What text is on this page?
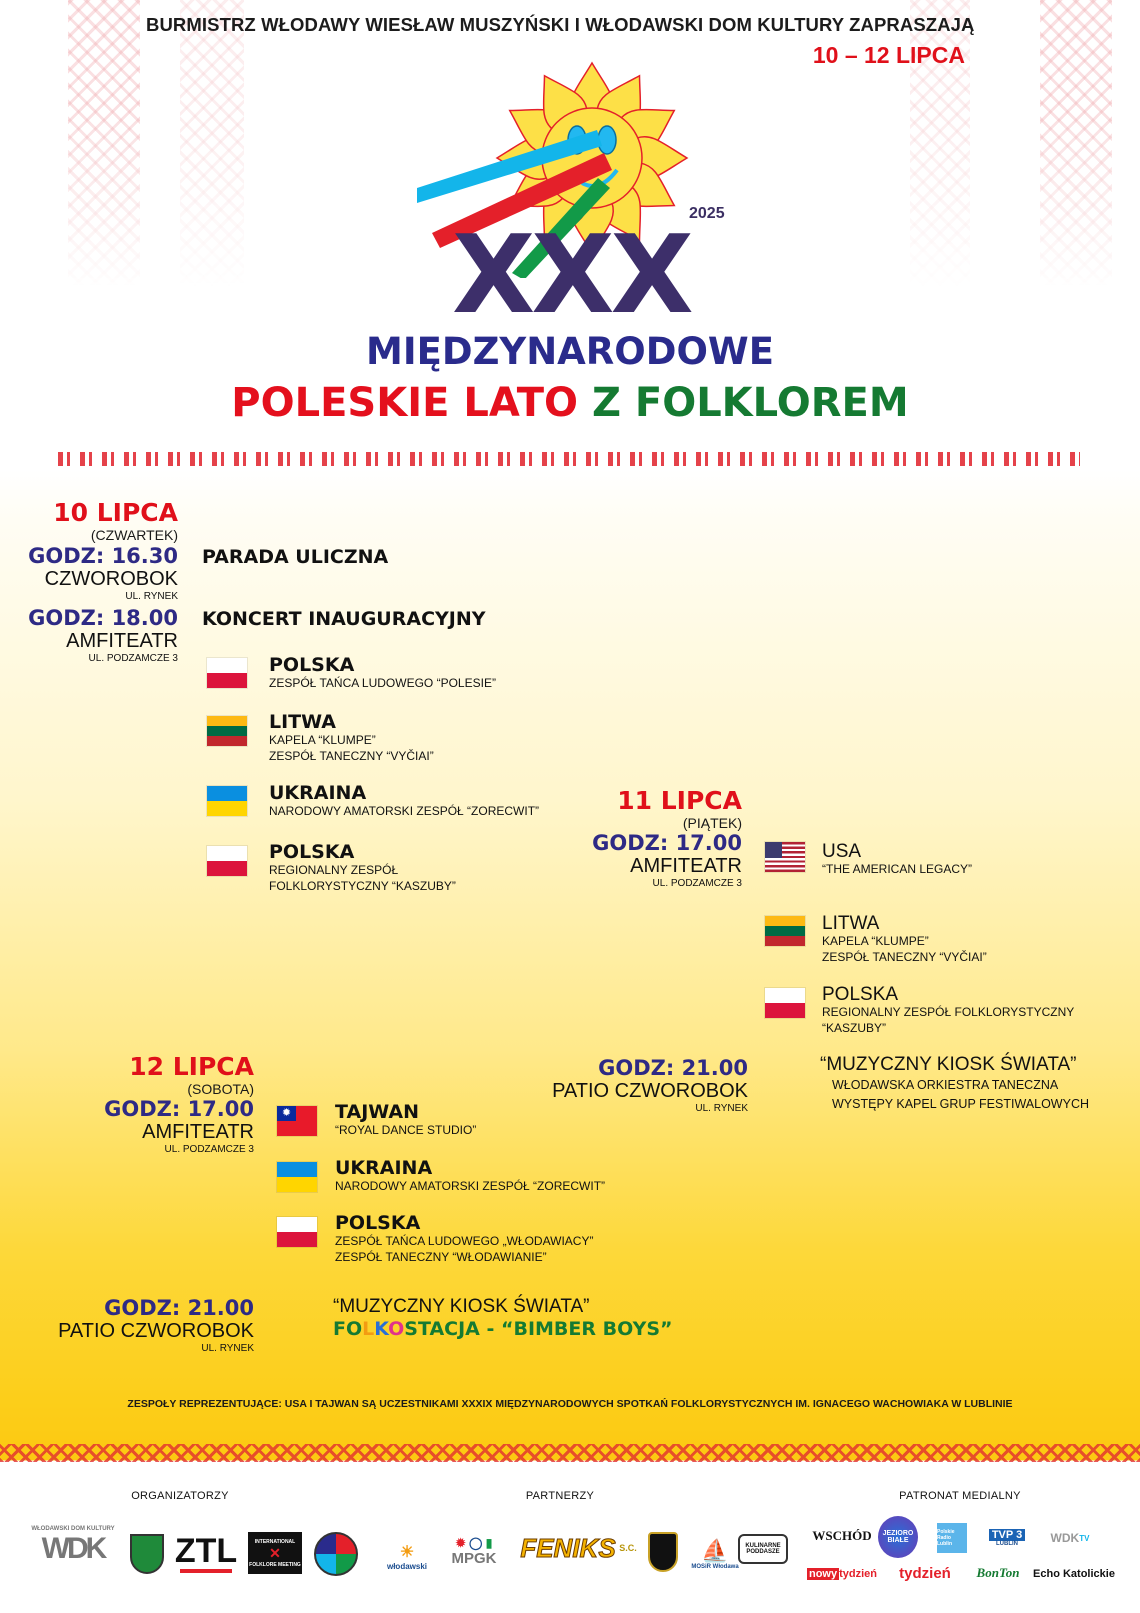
BURMISTRZ WŁODAWY WIESŁAW MUSZYŃSKI I WŁODAWSKI DOM KULTURY ZAPRASZAJĄ
10 – 12 LIPCA
2025
XXX
MIĘDZYNARODOWE
POLESKIE LATO Z FOLKLOREM
10 LIPCA
(CZWARTEK)
GODZ: 16.30
CZWOROBOK
UL. RYNEK
PARADA ULICZNA
GODZ: 18.00
AMFITEATR
UL. PODZAMCZE 3
KONCERT INAUGURACYJNY
POLSKA
ZESPÓŁ TAŃCA LUDOWEGO “POLESIE”
LITWA
KAPELA “KLUMPE”
ZESPÓŁ TANECZNY “VYČIAI”
UKRAINA
NARODOWY AMATORSKI ZESPÓŁ “ZORECWIT”
POLSKA
REGIONALNY ZESPÓŁ
FOLKLORYSTYCZNY “KASZUBY”
11 LIPCA
(PIĄTEK)
GODZ: 17.00
AMFITEATR
UL. PODZAMCZE 3
USA
“THE AMERICAN LEGACY”
LITWA
KAPELA “KLUMPE”
ZESPÓŁ TANECZNY “VYČIAI”
POLSKA
REGIONALNY ZESPÓŁ FOLKLORYSTYCZNY
“KASZUBY”
GODZ: 21.00
PATIO CZWOROBOK
UL. RYNEK
“MUZYCZNY KIOSK ŚWIATA”
WŁODAWSKA ORKIESTRA TANECZNA
WYSTĘPY KAPEL GRUP FESTIWALOWYCH
12 LIPCA
(SOBOTA)
GODZ: 17.00
AMFITEATR
UL. PODZAMCZE 3
✹
TAJWAN
“ROYAL DANCE STUDIO”
UKRAINA
NARODOWY AMATORSKI ZESPÓŁ “ZORECWIT”
POLSKA
ZESPÓŁ TAŃCA LUDOWEGO „WŁODAWIACY”
ZESPÓŁ TANECZNY “WŁODAWIANIE”
GODZ: 21.00
PATIO CZWOROBOK
UL. RYNEK
“MUZYCZNY KIOSK ŚWIATA”
FOLKOSTACJA - “BIMBER BOYS”
ZESPOŁY REPREZENTUJĄCE: USA I TAJWAN SĄ UCZESTNIKAMI XXXIX MIĘDZYNARODOWYCH SPOTKAŃ FOLKLORYSTYCZNYCH IM. IGNACEGO WACHOWIAKA W LUBLINIE
ORGANIZATORZY	PARTNERZY	PATRONAT MEDIALNY
WŁODAWSKI DOM KULTURY
WDK	ZTL	INTERNATIONAL
✕
FOLKLORE MEETING
☀
włodawski
✹ ◯ ▮
MPGK FENIKS S.C.	⛵
MOSiR Włodawa
KULINARNE
PODDASZE
WSCHÓD	JEZIORO BIAŁE
Polskie Radio Lublin
TVP 3
LUBLIN	WDK TV
nowy tydzień	tydzień	BonTon	Echo Katolickie
